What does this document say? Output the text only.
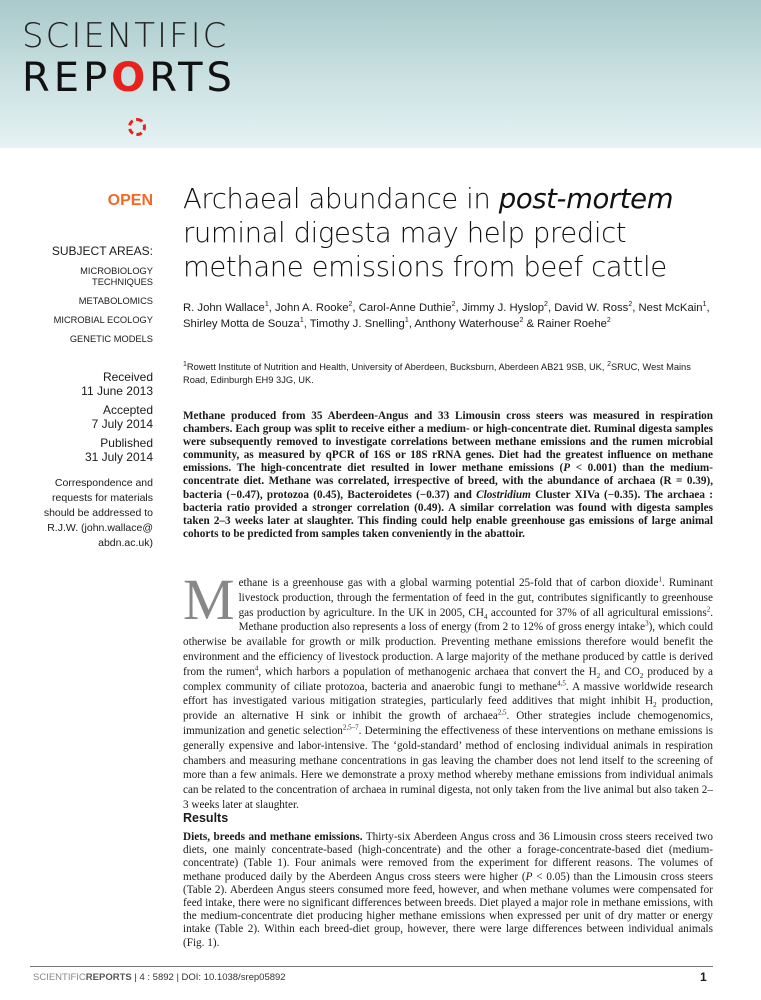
SCIENTIFIC
REPORTS
OPEN
SUBJECT AREAS:
MICROBIOLOGY TECHNIQUES
METABOLOMICS
MICROBIAL ECOLOGY
GENETIC MODELS
Received
11 June 2013
Accepted
7 July 2014
Published
31 July 2014
Correspondence and requests for materials should be addressed to R.J.W. (john.wallace@ abdn.ac.uk)
Archaeal abundance in post-mortem ruminal digesta may help predict methane emissions from beef cattle
R. John Wallace$^1$, John A. Rooke$^2$, Carol-Anne Duthie$^2$, Jimmy J. Hyslop$^2$, David W. Ross$^2$, Nest McKain$^1$, Shirley Motta de Souza$^1$, Timothy J. Snelling$^1$, Anthony Waterhouse$^2$ & Rainer Roehe$^2$
$^1$Rowett Institute of Nutrition and Health, University of Aberdeen, Bucksburn, Aberdeen AB21 9SB, UK, $^2$SRUC, West Mains Road, Edinburgh EH9 3JG, UK.
Methane produced from 35 Aberdeen-Angus and 33 Limousin cross steers was measured in respiration chambers. Each group was split to receive either a medium- or high-concentrate diet. Ruminal digesta samples were subsequently removed to investigate correlations between methane emissions and the rumen microbial community, as measured by qPCR of 16S or 18S rRNA genes. Diet had the greatest influence on methane emissions. The high-concentrate diet resulted in lower methane emissions (P < 0.001) than the medium-concentrate diet. Methane was correlated, irrespective of breed, with the abundance of archaea (R = 0.39), bacteria (−0.47), protozoa (0.45), Bacteroidetes (−0.37) and Clostridium Cluster XIVa (−0.35). The archaea : bacteria ratio provided a stronger correlation (0.49). A similar correlation was found with digesta samples taken 2–3 weeks later at slaughter. This finding could help enable greenhouse gas emissions of large animal cohorts to be predicted from samples taken conveniently in the abattoir.
Methane is a greenhouse gas with a global warming potential 25-fold that of carbon dioxide$^1$. Ruminant livestock production, through the fermentation of feed in the gut, contributes significantly to greenhouse gas production by agriculture. In the UK in 2005, $CH_4$ accounted for 37% of all agricultural emissions$^2$. Methane production also represents a loss of energy (from 2 to 12% of gross energy intake$^3$), which could otherwise be available for growth or milk production. Preventing methane emissions therefore would benefit the environment and the efficiency of livestock production. A large majority of the methane produced by cattle is derived from the rumen$^4$, which harbors a population of methanogenic archaea that convert the $H_2$ and $CO_2$ produced by a complex community of ciliate protozoa, bacteria and anaerobic fungi to methane$^{4,5}$. A massive worldwide research effort has investigated various mitigation strategies, particularly feed additives that might inhibit $H_2$ production, provide an alternative H sink or inhibit the growth of archaea$^{2,5}$. Other strategies include chemogenomics, immunization and genetic selection$^{2,5-7}$. Determining the effectiveness of these interventions on methane emissions is generally expensive and labor-intensive. The ‘gold-standard’ method of enclosing individual animals in respiration chambers and measuring methane concentrations in gas leaving the chamber does not lend itself to the screening of more than a few animals. Here we demonstrate a proxy method whereby methane emissions from individual animals can be related to the concentration of archaea in ruminal digesta, not only taken from the live animal but also taken 2–3 weeks later at slaughter.
Results
Diets, breeds and methane emissions. Thirty-six Aberdeen Angus cross and 36 Limousin cross steers received two diets, one mainly concentrate-based (high-concentrate) and the other a forage-concentrate-based diet (medium-concentrate) (Table 1). Four animals were removed from the experiment for different reasons. The volumes of methane produced daily by the Aberdeen Angus cross steers were higher (P < 0.05) than the Limousin cross steers (Table 2). Aberdeen Angus steers consumed more feed, however, and when methane volumes were compensated for feed intake, there were no significant differences between breeds. Diet played a major role in methane emissions, with the medium-concentrate diet producing higher methane emissions when expressed per unit of dry matter or energy intake (Table 2). Within each breed-diet group, however, there were large differences between individual animals (Fig. 1).
SCIENTIFICREPORTS | 4 : 5892 | DOI: 10.1038/srep05892	1
